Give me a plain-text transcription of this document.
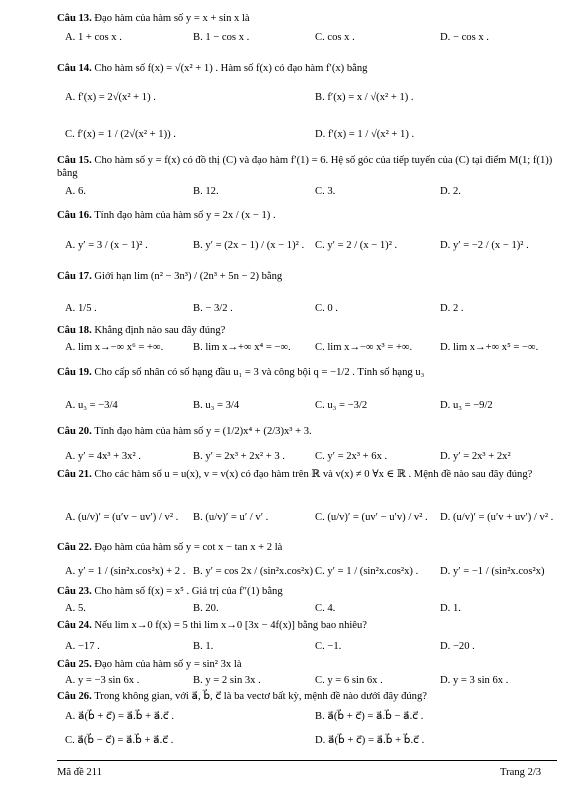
Câu 13. Đạo hàm của hàm số y = x + sin x là
A. 1 + cos x .	B. 1 − cos x .	C. cos x .	D. − cos x .
Câu 14. Cho hàm số f(x) = √(x² + 1) . Hàm số f(x) có đạo hàm f′(x) bằng
A. f′(x) = 2√(x² + 1) .	B. f′(x) = x / √(x² + 1) .
C. f′(x) = 1 / (2√(x² + 1)) .	D. f′(x) = 1 / √(x² + 1) .
Câu 15. Cho hàm số y = f(x) có đồ thị (C) và đạo hàm f′(1) = 6. Hệ số góc của tiếp tuyến của (C) tại điểm M(1; f(1)) bằng
A. 6.	B. 12.	C. 3.	D. 2.
Câu 16. Tính đạo hàm của hàm số y = 2x / (x − 1) .
A. y′ = 3 / (x − 1)² .	B. y′ = (2x − 1) / (x − 1)² . C. y′ = 2 / (x − 1)² .	D. y′ = −2 / (x − 1)² .
Câu 17. Giới hạn lim (n² − 3n³) / (2n³ + 5n − 2) bằng
A. 1/5 .	B. − 3/2 .	C. 0 .	D. 2 .
Câu 18. Khẳng định nào sau đây đúng?
A. lim x→−∞ x⁶ = +∞.	B. lim x→+∞ x⁴ = −∞. C. lim x→−∞ x³ = +∞.	D. lim x→+∞ x⁵ = −∞.
Câu 19. Cho cấp số nhân có số hạng đầu u₁ = 3 và công bội q = −1/2 . Tính số hạng u₃
A. u₃ = −3/4	B. u₃ = 3/4	C. u₃ = −3/2	D. u₃ = −9/2
Câu 20. Tính đạo hàm của hàm số y = (1/2)x⁴ + (2/3)x³ + 3.
A. y′ = 4x³ + 3x² .	B. y′ = 2x³ + 2x² + 3 .	C. y′ = 2x³ + 6x .	D. y′ = 2x³ + 2x²
Câu 21. Cho các hàm số u = u(x), v = v(x) có đạo hàm trên ℝ và v(x) ≠ 0 ∀x ∈ ℝ . Mệnh đề nào sau đây đúng?
A. (u/v)′ = (u′v − uv′) / v² . B. (u/v)′ = u′ / v′ .	C. (u/v)′ = (uv′ − u′v) / v² . D. (u/v)′ = (u′v + uv′) / v² .
Câu 22. Đạo hàm của hàm số y = cot x − tan x + 2 là
A. y′ = 1 / (sin²x.cos²x) + 2 . B. y′ = cos 2x / (sin²x.cos²x) .
C. y′ = 1 / (sin²x.cos²x) . D. y′ = −1 / (sin²x.cos²x)
Câu 23. Cho hàm số f(x) = x⁵ . Giá trị của f″(1) bằng
A. 5.	B. 20.	C. 4.	D. 1.
Câu 24. Nếu lim x→0 f(x) = 5 thì lim x→0 [3x − 4f(x)] bằng bao nhiêu?
A. −17 .	B. 1.	C. −1.	D. −20 .
Câu 25. Đạo hàm của hàm số y = sin² 3x là
A. y = −3 sin 6x .	B. y = 2 sin 3x .	C. y = 6 sin 6x .	D. y = 3 sin 6x .
Câu 26. Trong không gian, với a⃗, b⃗, c⃗ là ba vectơ bất kỳ, mệnh đề nào dưới đây đúng?
A. a⃗(b⃗ + c⃗) = a⃗.b⃗ + a⃗.c⃗ .	B. a⃗(b⃗ + c⃗) = a⃗.b⃗ − a⃗.c⃗ .
C. a⃗(b⃗ − c⃗) = a⃗.b⃗ + a⃗.c⃗ .	D. a⃗(b⃗ + c⃗) = a⃗.b⃗ + b⃗.c⃗ .
Mã đề 211	Trang 2/3
